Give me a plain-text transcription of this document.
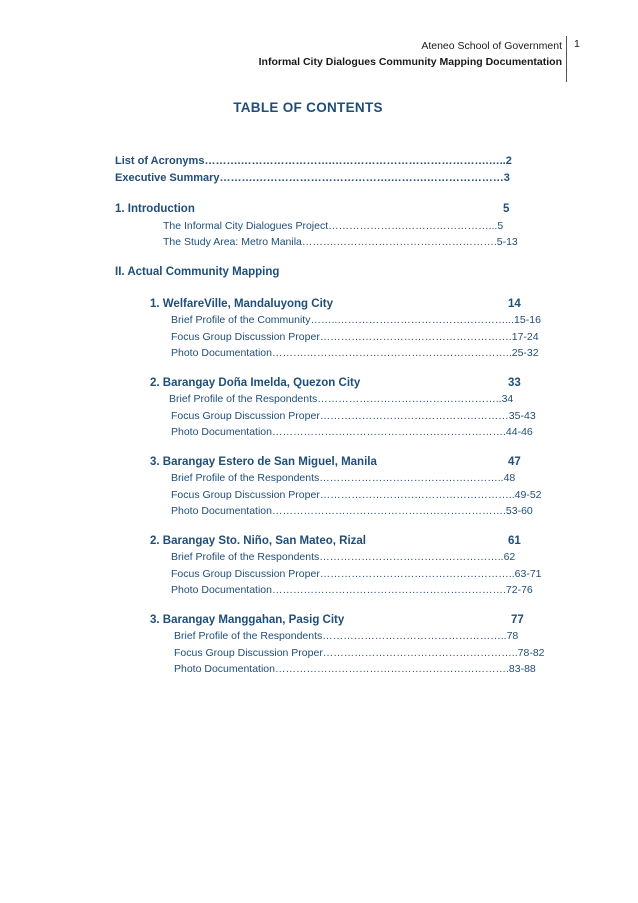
Ateneo School of Government
Informal City Dialogues Community Mapping Documentation
1
TABLE OF CONTENTS
List of Acronyms……….…………………….…………………………………….…..2
Executive Summary……….……………………………….……….…………………3
1. Introduction	5
The Informal City Dialogues Project………………….……………………...5
The Study Area: Metro Manila……….……………………………………….5-13
II. Actual Community Mapping
1. WelfareVille, Mandaluyong City	14
Brief Profile of the Community……..…………………………………………...15-16
Focus Group Discussion Proper……………………………………………….17-24
Photo Documentation……….…………………………………………………..25-32
2. Barangay Doña Imelda, Quezon City	33
Brief Profile of the Respondents……………………………………………..34
Focus Group Discussion Proper………………………………………………35-43
Photo Documentation………………………………………………………….44-46
3. Barangay Estero de San Miguel, Manila	47
Brief Profile of the Respondents……………………………………………..48
Focus Group Discussion Proper………………………………………………..49-52
Photo Documentation………………………………………………………….53-60
2. Barangay Sto. Niño, San Mateo, Rizal	61
Brief Profile of the Respondents……………………………………………..62
Focus Group Discussion Proper………………………………………………..63-71
Photo Documentation………………………………………………………….72-76
3. Barangay Manggahan, Pasig City	77
Brief Profile of the Respondents……………………………………………..78
Focus Group Discussion Proper………………………………………………..78-82
Photo Documentation………………………………………………………….83-88
